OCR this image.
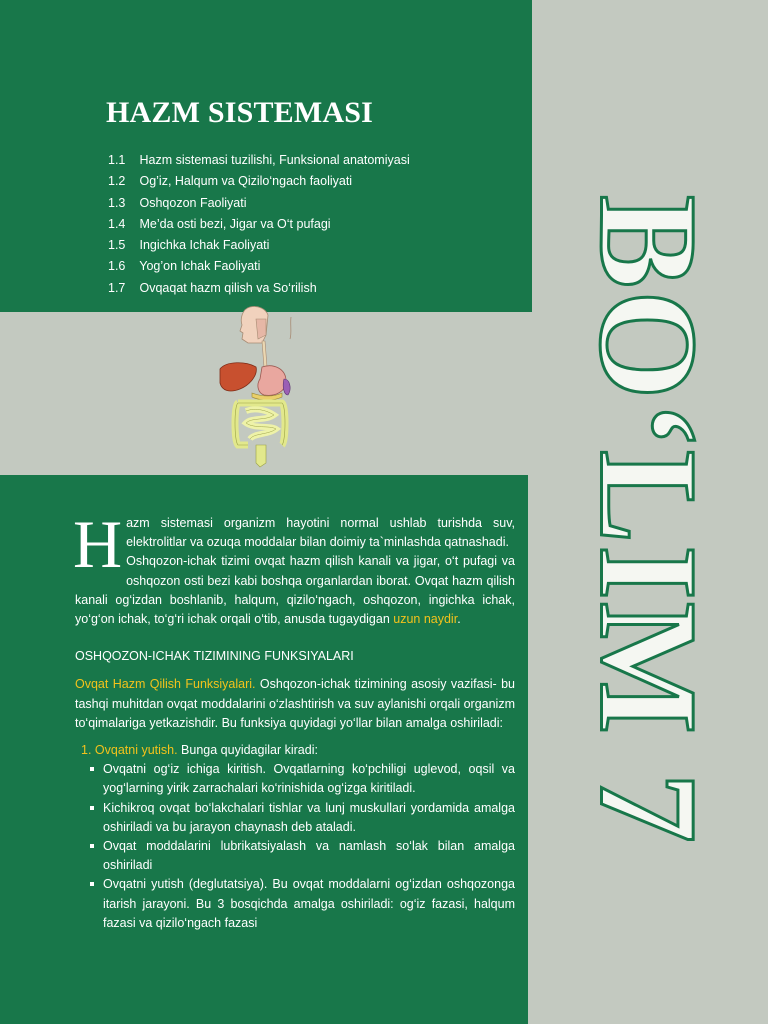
HAZM SISTEMASI
1.1 Hazm sistemasi tuzilishi, Funksional anatomiyasi
1.2 Og’iz, Halqum va Qizilo‘ngach faoliyati
1.3 Oshqozon Faoliyati
1.4 Me’da osti bezi, Jigar va O‘t pufagi
1.5 Ingichka Ichak Faoliyati
1.6 Yog’on Ichak Faoliyati
1.7 Ovqaqat hazm qilish va So‘rilish	BO‘LIM 7

Hazm sistemasi organizm hayotini normal ushlab turishda suv, elektrolitlar va ozuqa moddalar bilan doimiy ta`minlashda qatnashadi.

Oshqozon-ichak tizimi ovqat hazm qilish kanali va jigar, o‘t pufagi va oshqozon osti bezi kabi boshqa organlardan iborat. Ovqat hazm qilish kanali og‘izdan boshlanib, halqum, qizilo‘ngach, oshqozon, ingichka ichak, yo‘g‘on ichak, to‘g‘ri ichak orqali o‘tib, anusda tugaydigan uzun naydir.

OSHQOZON-ICHAK TIZIMINING FUNKSIYALARI

Ovqat Hazm Qilish Funksiyalari. Oshqozon-ichak tizimining asosiy vazifasi- bu tashqi muhitdan ovqat moddalarini o‘zlashtirish va suv aylanishi orqali organizm to‘qimalariga yetkazishdir. Bu funksiya quyidagi yo‘llar bilan amalga oshiriladi:

1. Ovqatni yutish. Bunga quyidagilar kiradi:
Ovqatni og‘iz ichiga kiritish. Ovqatlarning ko‘pchiligi uglevod, oqsil va yog‘larning yirik zarrachalari ko‘rinishida og‘izga kiritiladi.
Kichikroq ovqat bo‘lakchalari tishlar va lunj muskullari yordamida amalga oshiriladi va bu jarayon chaynash deb ataladi.
Ovqat moddalarini lubrikatsiyalash va namlash so‘lak bilan amalga oshiriladi
Ovqatni yutish (deglutatsiya). Bu ovqat moddalarni og‘izdan oshqozonga itarish jarayoni. Bu 3 bosqichda amalga oshiriladi: og‘iz fazasi, halqum fazasi va qizilo‘ngach fazasi
